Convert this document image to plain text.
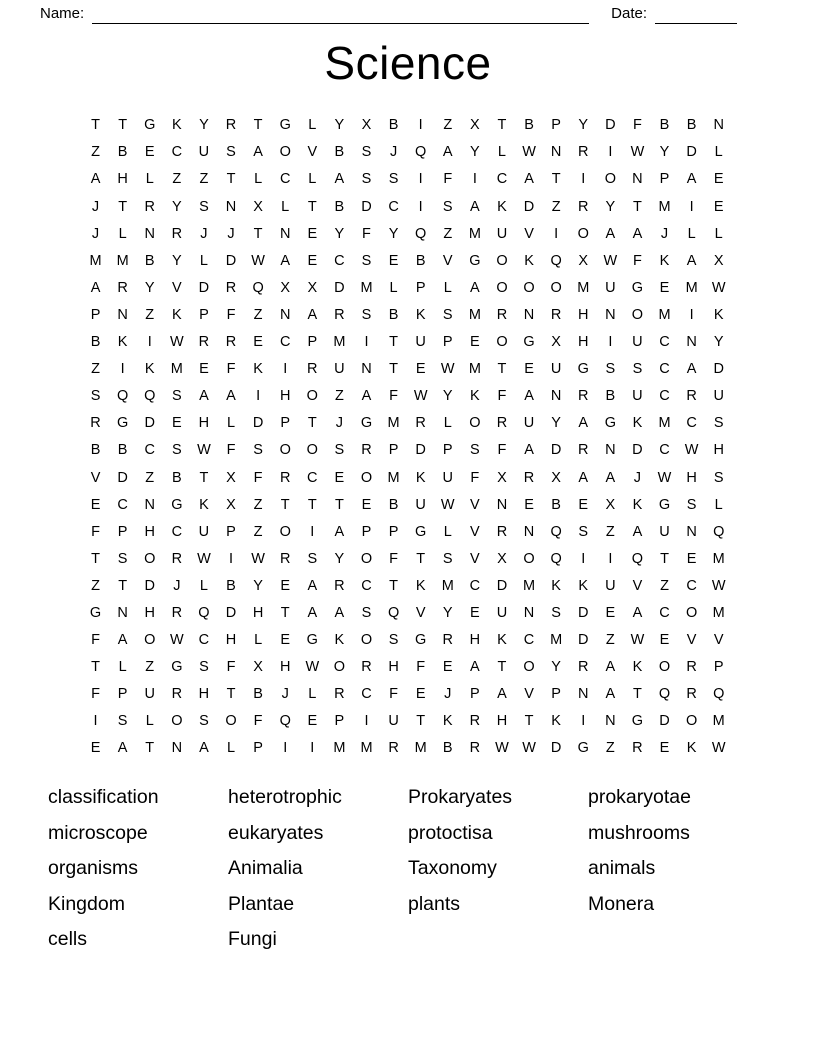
Name:	Date:
Science
T	T	G	K	Y	R	T	G	L	Y	X	B	I	Z	X	T	B	P	Y	D	F	B	B	N
Z	B	E	C	U	S	A	O	V	B	S	J	Q	A	Y	L	W	N	R	I	W	Y	D	L
A	H	L	Z	Z	T	L	C	L	A	S	S	I	F	I	C	A	T	I	O	N	P	A	E
J	T	R	Y	S	N	X	L	T	B	D	C	I	S	A	K	D	Z	R	Y	T	M	I	E
J	L	N	R	J	J	T	N	E	Y	F	Y	Q	Z	M	U	V	I	O	A	A	J	L	L
M	M	B	Y	L	D	W	A	E	C	S	E	B	V	G	O	K	Q	X	W	F	K	A	X
A	R	Y	V	D	R	Q	X	X	D	M	L	P	L	A	O	O	O	M	U	G	E	M W
P	N	Z	K	P	F	Z	N	A	R	S	B	K	S	M	R	N	R	H	N	O	M	I	K
B	K	I	W	R	R	E	C	P	M	I	T	U	P	E	O	G	X	H	I	U	C	N	Y
Z	I	K	M	E	F	K	I	R	U	N	T	E	W M	T	E	U	G	S	S	C	A	D
S	Q	Q	S	A	A	I	H	O	Z	A	F	W	Y	K	F	A	N	R	B	U	C	R	U
R	G	D	E	H	L	D	P	T	J	G	M	R	L	O	R	U	Y	A	G	K	M	C	S
B	B	C	S	W	F	S	O	O	S	R	P	D	P	S	F	A	D	R	N	D	C	W	H
V	D	Z	B	T	X	F	R	C	E	O	M	K	U	F	X	R	X	A	A	J	W	H	S
E	C	N	G	K	X	Z	T	T	T	E	B	U	W	V	N	E	B	E	X	K	G	S	L
F	P	H	C	U	P	Z	O	I	A	P	P	G	L	V	R	N	Q	S	Z	A	U	N	Q
T	S	O	R	W	I	W	R	S	Y	O	F	T	S	V	X	O	Q	I	I	Q	T	E	M
Z	T	D	J	L	B	Y	E	A	R	C	T	K	M	C	D	M	K	K	U	V	Z	C	W
G	N	H	R	Q	D	H	T	A	A	S	Q	V	Y	E	U	N	S	D	E	A	C	O	M
F	A	O	W	C	H	L	E	G	K	O	S	G	R	H	K	C	M	D	Z	W	E	V	V
T	L	Z	G	S	F	X	H	W	O	R	H	F	E	A	T	O	Y	R	A	K	O	R	P
F	P	U	R	H	T	B	J	L	R	C	F	E	J	P	A	V	P	N	A	T	Q	R	Q
I	S	L	O	S	O	F	Q	E	P	I	U	T	K	R	H	T	K	I	N	G	D	O	M
E	A	T	N	A	L	P	I	I	M	M	R	M	B	R	W W	D	G	Z	R	E	K	W
classification
microscope
organisms
Kingdom
cells
heterotrophic
eukaryates
Animalia
Plantae
Fungi
Prokaryates
protoctisa
Taxonomy
plants
prokaryotae
mushrooms
animals
Monera
